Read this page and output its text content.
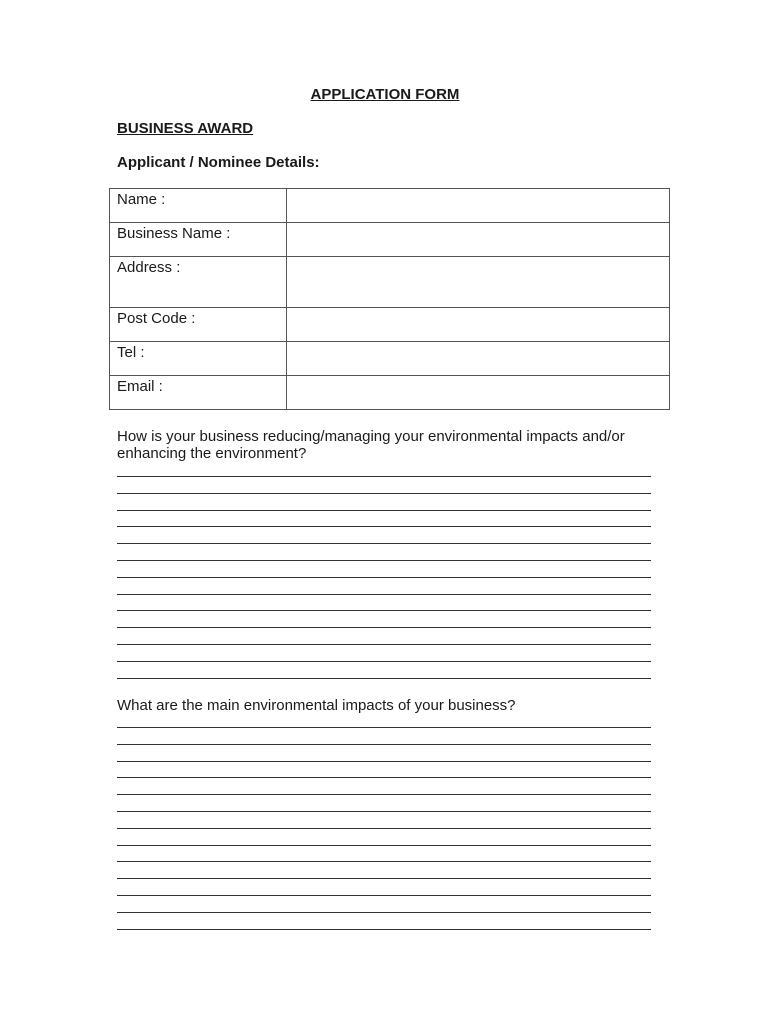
APPLICATION FORM
BUSINESS AWARD
Applicant / Nominee Details:
Name :	
Business Name :	
Address :	
Post Code :	
Tel :	
Email :	
How is your business reducing/managing your environmental impacts and/or enhancing the environment?
What are the main environmental impacts of your business?
